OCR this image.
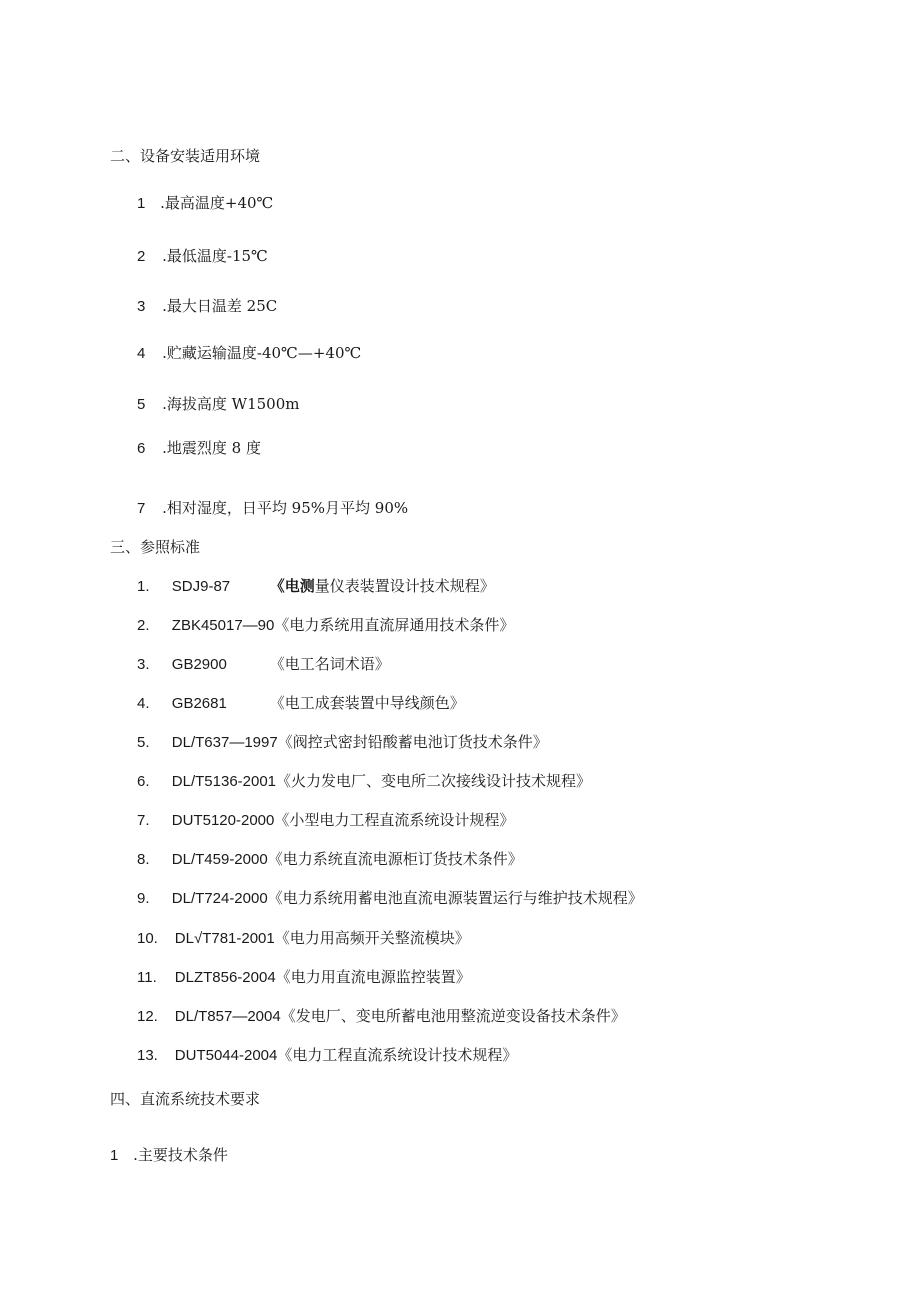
二、设备安装适用环境
1 .最高温度+40℃
2 .最低温度-15℃
3 .最大日温差 25C
4 .贮藏运输温度-40℃—+40℃
5 .海拔高度 W1500m
6 .地震烈度 8 度
7 .相对湿度，日平均 95%月平均 90%
三、参照标准
1. SDJ9-87	《电测量仪表装置设计技术规程》
2. ZBK45017—90《电力系统用直流屏通用技术条件》
3. GB2900	《电工名词术语》
4. GB2681	《电工成套装置中导线颜色》
5. DL/T637—1997《阀控式密封铅酸蓄电池订货技术条件》
6. DL/T5136-2001《火力发电厂、变电所二次接线设计技术规程》
7. DUT5120-2000《小型电力工程直流系统设计规程》
8. DL/T459-2000《电力系统直流电源柜订货技术条件》
9. DL/T724-2000《电力系统用蓄电池直流电源装置运行与维护技术规程》
10. DL√T781-2001《电力用高频开关整流模块》
11. DLZT856-2004《电力用直流电源监控装置》
12. DL/T857—2004《发电厂、变电所蓄电池用整流逆变设备技术条件》
13. DUT5044-2004《电力工程直流系统设计技术规程》
四、直流系统技术要求
1 .主要技术条件
